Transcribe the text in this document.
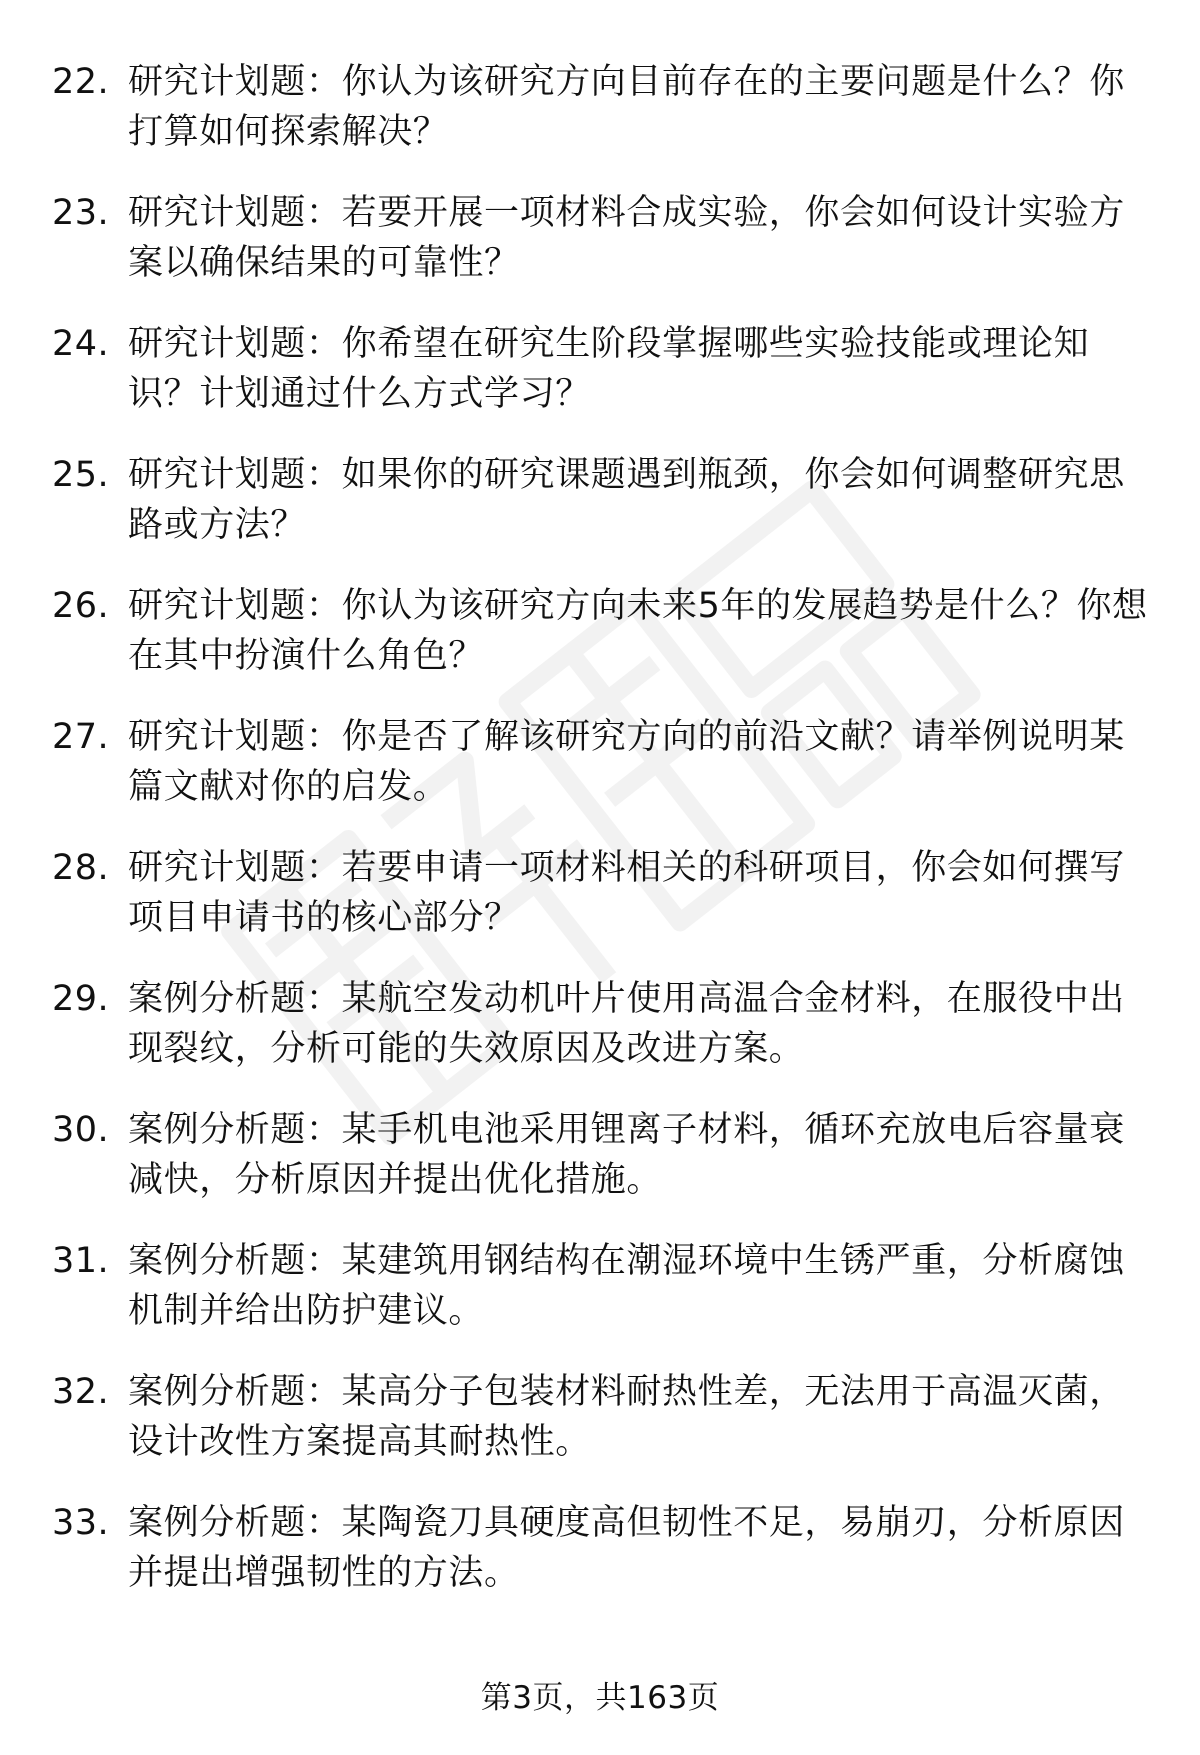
22. 研究计划题：你认为该研究方向目前存在的主要问题是什么？你
打算如何探索解决？
23. 研究计划题：若要开展一项材料合成实验，你会如何设计实验方
案以确保结果的可靠性？
24. 研究计划题：你希望在研究生阶段掌握哪些实验技能或理论知
识？计划通过什么方式学习？
25. 研究计划题：如果你的研究课题遇到瓶颈，你会如何调整研究思
路或方法？
26. 研究计划题：你认为该研究方向未来5年的发展趋势是什么？你想
在其中扮演什么角色？
27. 研究计划题：你是否了解该研究方向的前沿文献？请举例说明某
篇文献对你的启发。
28. 研究计划题：若要申请一项材料相关的科研项目，你会如何撰写
项目申请书的核心部分？
29. 案例分析题：某航空发动机叶片使用高温合金材料，在服役中出
现裂纹，分析可能的失效原因及改进方案。
30. 案例分析题：某手机电池采用锂离子材料，循环充放电后容量衰
减快，分析原因并提出优化措施。
31. 案例分析题：某建筑用钢结构在潮湿环境中生锈严重，分析腐蚀
机制并给出防护建议。
32. 案例分析题：某高分子包装材料耐热性差，无法用于高温灭菌，
设计改性方案提高其耐热性。
33. 案例分析题：某陶瓷刀具硬度高但韧性不足，易崩刃，分析原因
并提出增强韧性的方法。
第3页，共163页
